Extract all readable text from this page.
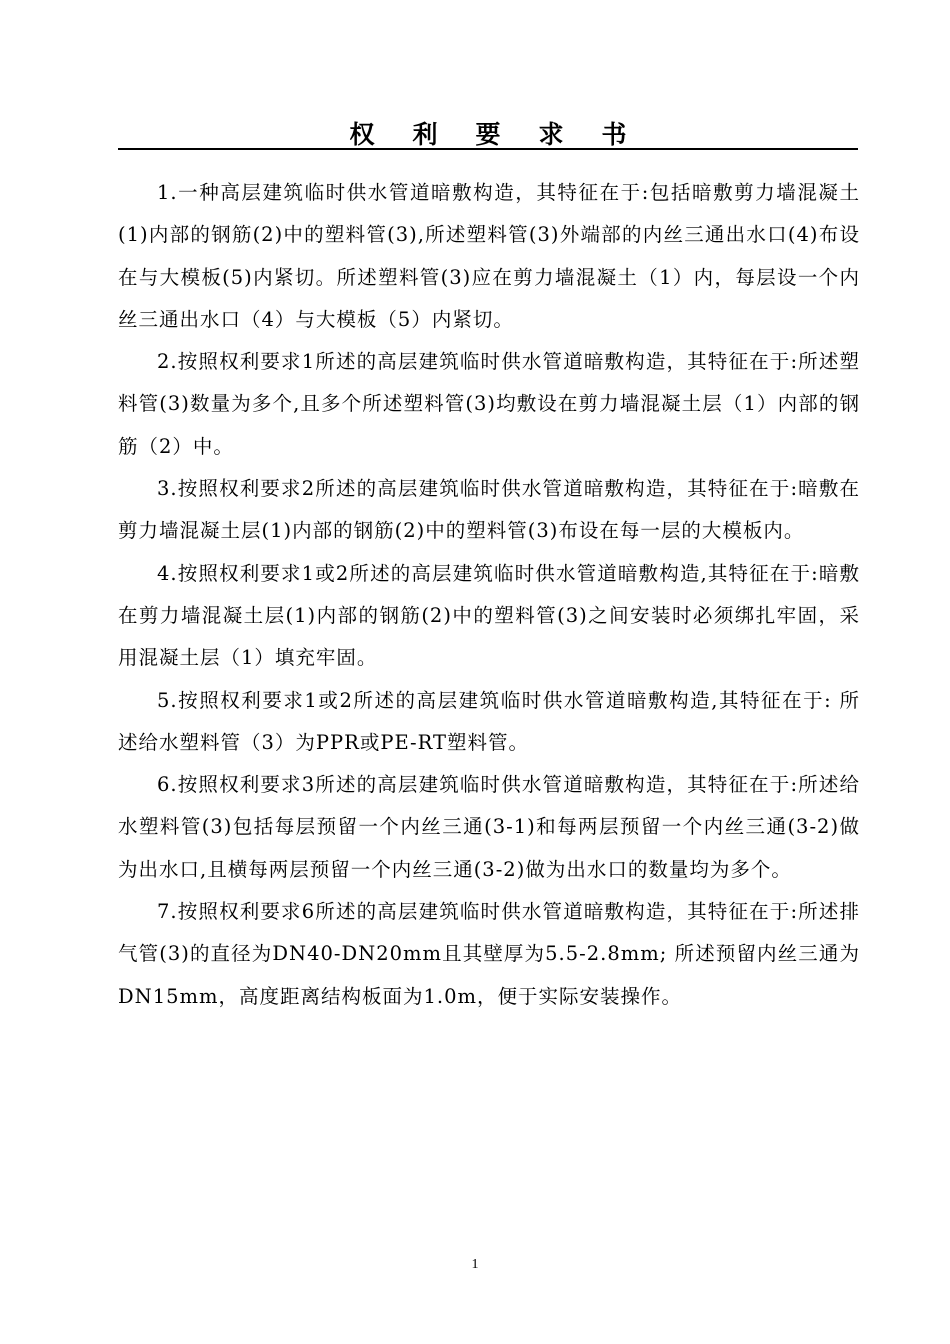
权利要求书

1.一种高层建筑临时供水管道暗敷构造，其特征在于:包括暗敷剪力墙混凝土(1)内部的钢筋(2)中的塑料管(3),所述塑料管(3)外端部的内丝三通出水口(4)布设在与大模板(5)内紧切。所述塑料管(3)应在剪力墙混凝土（1）内，每层设一个内丝三通出水口（4）与大模板（5）内紧切。

2.按照权利要求1所述的高层建筑临时供水管道暗敷构造，其特征在于:所述塑料管(3)数量为多个,且多个所述塑料管(3)均敷设在剪力墙混凝土层（1）内部的钢筋（2）中。

3.按照权利要求2所述的高层建筑临时供水管道暗敷构造，其特征在于:暗敷在剪力墙混凝土层(1)内部的钢筋(2)中的塑料管(3)布设在每一层的大模板内。

4.按照权利要求1或2所述的高层建筑临时供水管道暗敷构造,其特征在于:暗敷在剪力墙混凝土层(1)内部的钢筋(2)中的塑料管(3)之间安装时必须绑扎牢固，采用混凝土层（1）填充牢固。

5.按照权利要求1或2所述的高层建筑临时供水管道暗敷构造,其特征在于: 所述给水塑料管（3）为PPR或PE-RT塑料管。

6.按照权利要求3所述的高层建筑临时供水管道暗敷构造，其特征在于:所述给水塑料管(3)包括每层预留一个内丝三通(3-1)和每两层预留一个内丝三通(3-2)做为出水口,且横每两层预留一个内丝三通(3-2)做为出水口的数量均为多个。

7.按照权利要求6所述的高层建筑临时供水管道暗敷构造，其特征在于:所述排气管(3)的直径为DN40-DN20mm且其壁厚为5.5-2.8mm; 所述预留内丝三通为DN15mm，高度距离结构板面为1.0m，便于实际安装操作。

1
